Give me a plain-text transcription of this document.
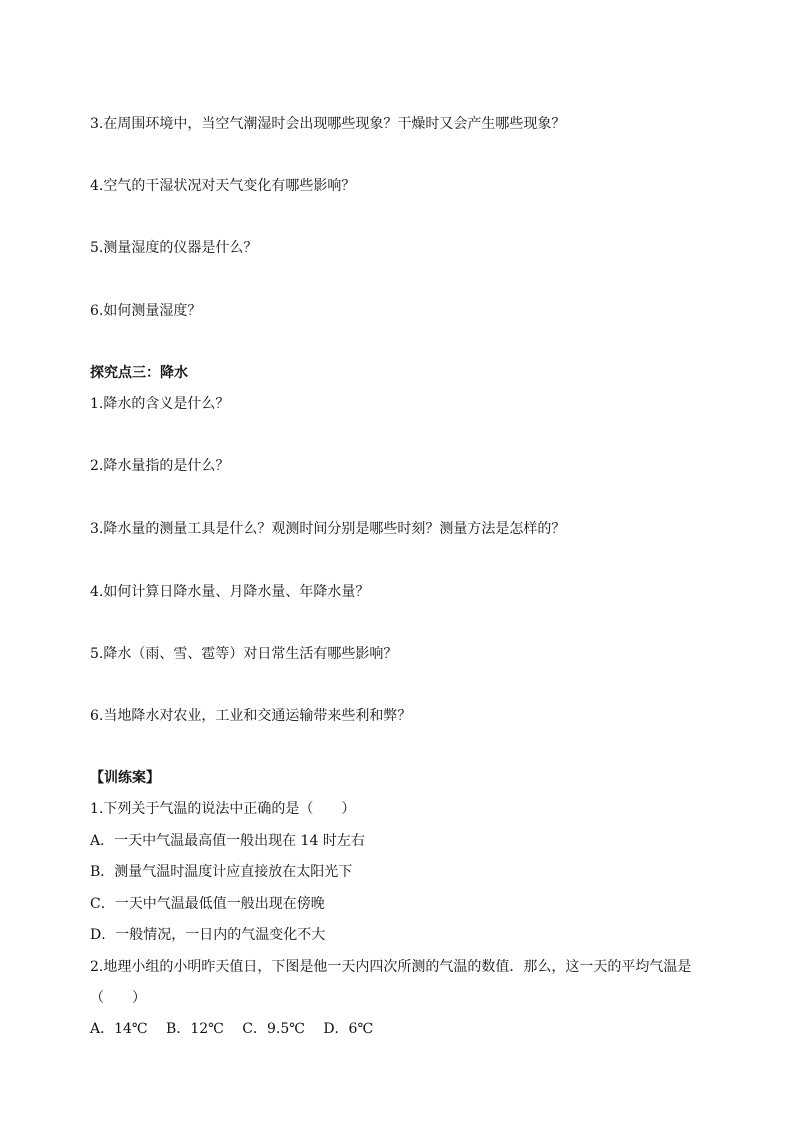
3.在周围环境中，当空气潮湿时会出现哪些现象？干燥时又会产生哪些现象？
4.空气的干湿状况对天气变化有哪些影响？
5.测量湿度的仪器是什么？
6.如何测量湿度？
探究点三：降水
1.降水的含义是什么？
2.降水量指的是什么？
3.降水量的测量工具是什么？观测时间分别是哪些时刻？测量方法是怎样的？
4.如何计算日降水量、月降水量、年降水量？
5.降水（雨、雪、雹等）对日常生活有哪些影响？
6.当地降水对农业，工业和交通运输带来些利和弊？
【训练案】
1.下列关于气温的说法中正确的是（　　）
A．一天中气温最高值一般出现在 14 时左右
B．测量气温时温度计应直接放在太阳光下
C．一天中气温最低值一般出现在傍晚
D．一般情况，一日内的气温变化不大
2.地理小组的小明昨天值日，下图是他一天内四次所测的气温的数值．那么，这一天的平均气温是
（　　）
A．14℃　 B．12℃　 C．9.5℃　 D．6℃
